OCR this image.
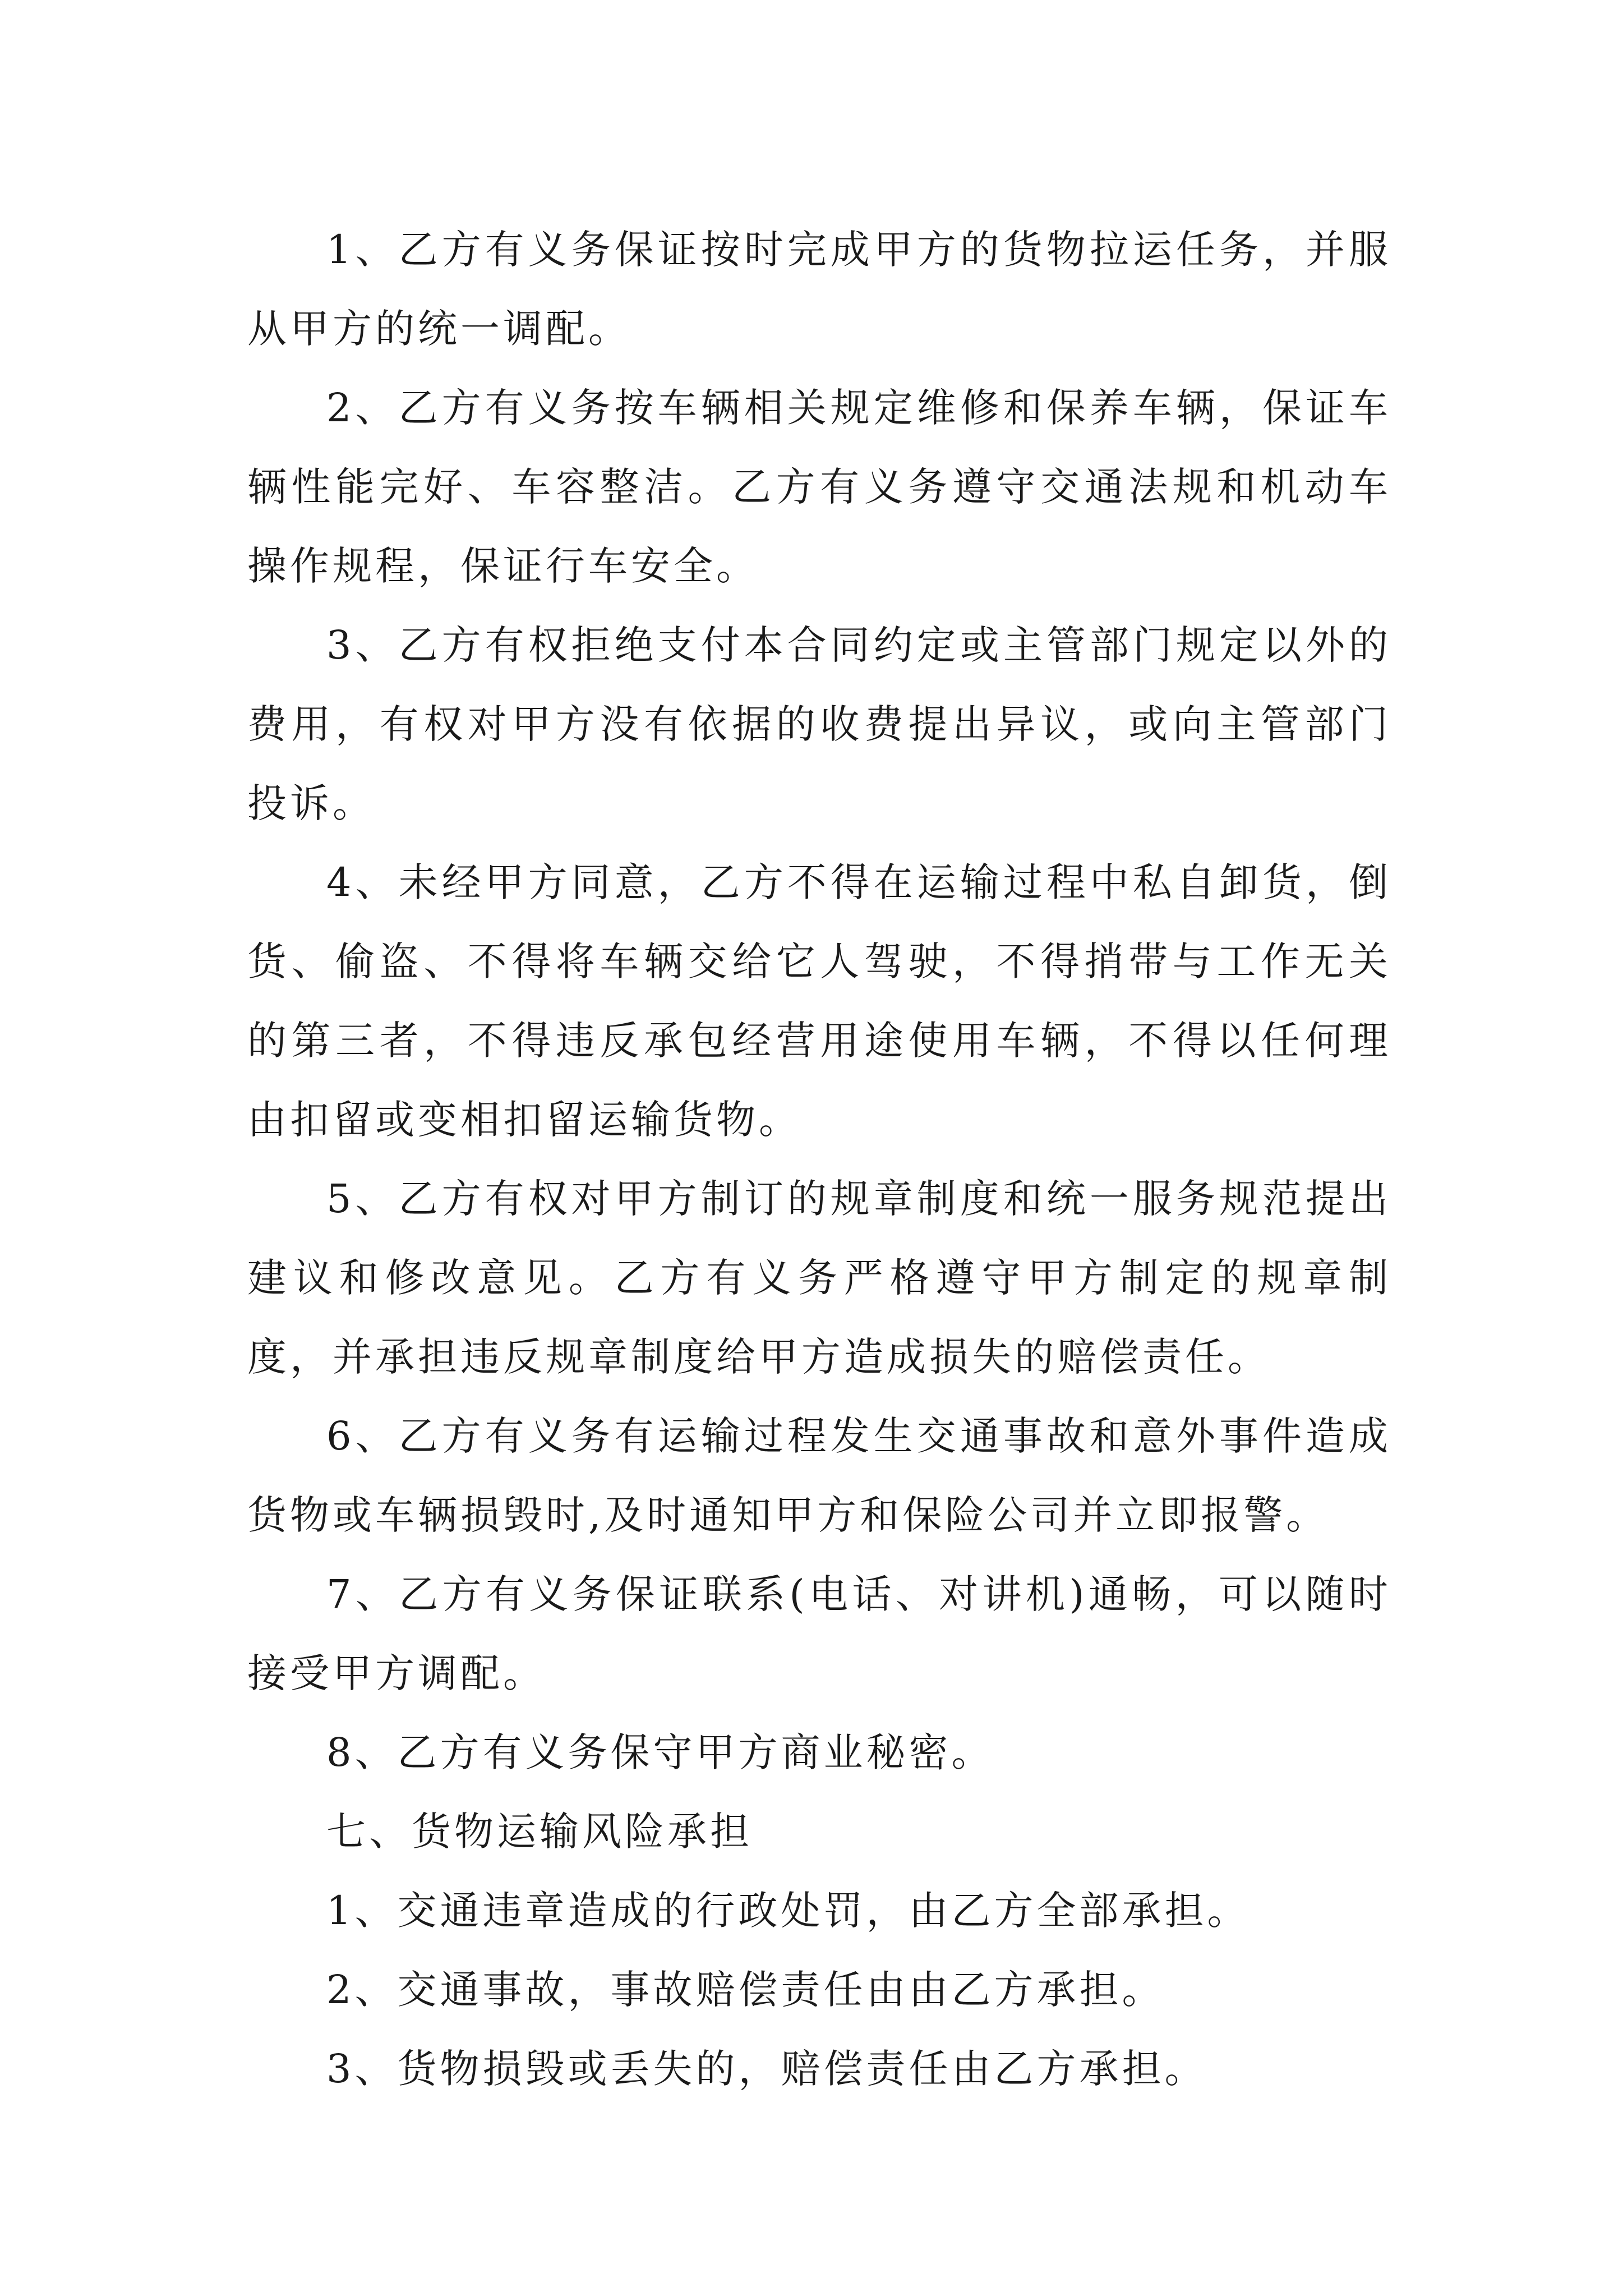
1、乙方有义务保证按时完成甲方的货物拉运任务，并服从甲方的统一调配。

2、乙方有义务按车辆相关规定维修和保养车辆，保证车辆性能完好、车容整洁。乙方有义务遵守交通法规和机动车操作规程，保证行车安全。

3、乙方有权拒绝支付本合同约定或主管部门规定以外的费用，有权对甲方没有依据的收费提出异议，或向主管部门投诉。

4、未经甲方同意，乙方不得在运输过程中私自卸货，倒货、偷盗、不得将车辆交给它人驾驶，不得捎带与工作无关的第三者，不得违反承包经营用途使用车辆，不得以任何理由扣留或变相扣留运输货物。

5、乙方有权对甲方制订的规章制度和统一服务规范提出建议和修改意见。乙方有义务严格遵守甲方制定的规章制度，并承担违反规章制度给甲方造成损失的赔偿责任。

6、乙方有义务有运输过程发生交通事故和意外事件造成货物或车辆损毁时,及时通知甲方和保险公司并立即报警。

7、乙方有义务保证联系(电话、对讲机)通畅，可以随时接受甲方调配。

8、乙方有义务保守甲方商业秘密。

七、货物运输风险承担

1、交通违章造成的行政处罚，由乙方全部承担。

2、交通事故，事故赔偿责任由由乙方承担。

3、货物损毁或丢失的，赔偿责任由乙方承担。
